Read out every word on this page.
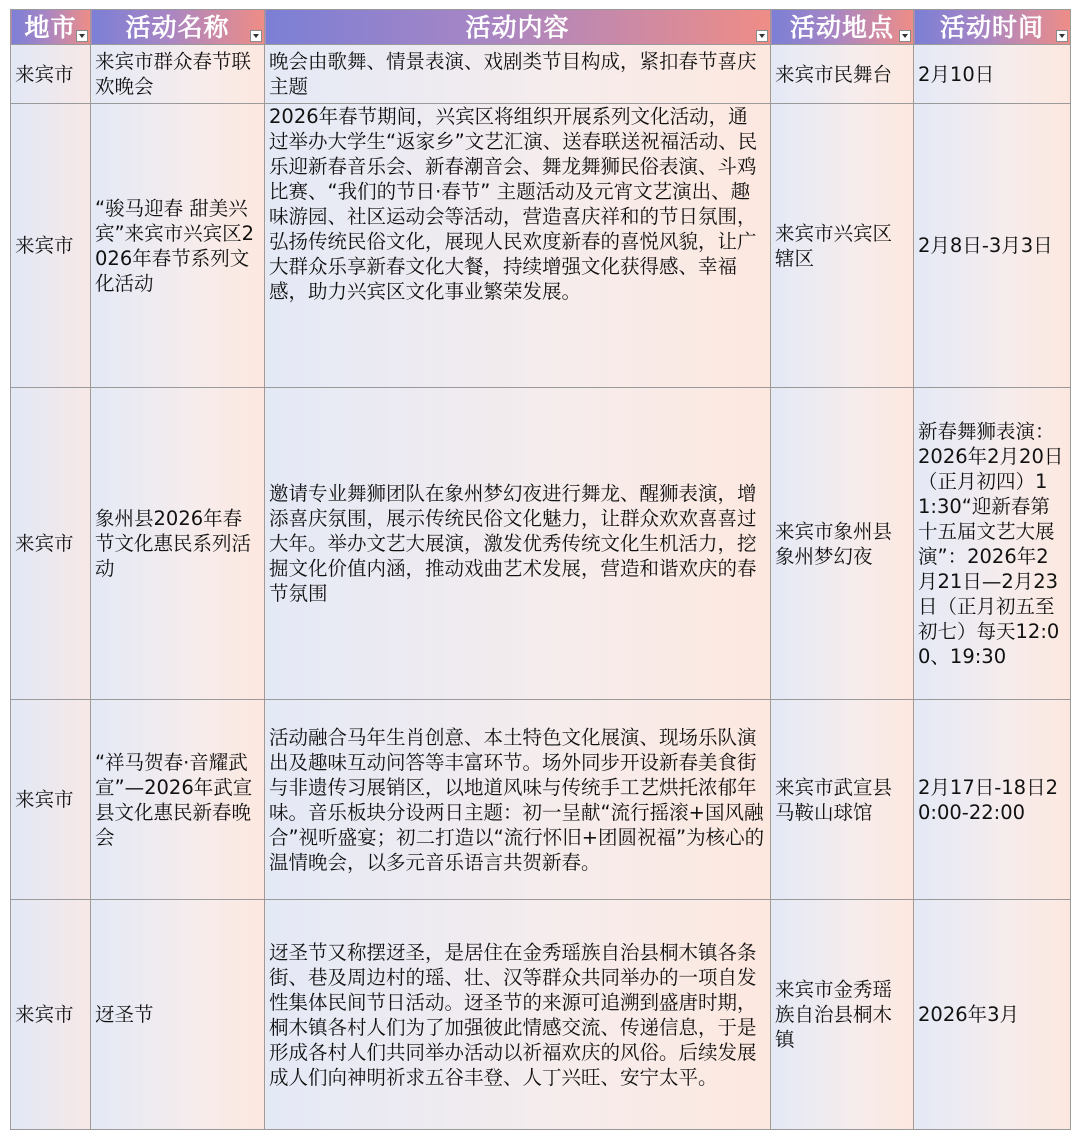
地市	活动名称	活动内容	活动地点	活动时间

来宾市	来宾市群众春节联欢晚会	晚会由歌舞、情景表演、戏剧类节目构成，紧扣春节喜庆主题	来宾市民舞台	2月10日
来宾市	“骏马迎春 甜美兴宾”来宾市兴宾区2026年春节系列文化活动	2026年春节期间，兴宾区将组织开展系列文化活动，通过举办大学生“返家乡”文艺汇演、送春联送祝福活动、民乐迎新春音乐会、新春潮音会、舞龙舞狮民俗表演、斗鸡比赛、“我们的节日·春节” 主题活动及元宵文艺演出、趣味游园、社区运动会等活动，营造喜庆祥和的节日氛围，弘扬传统民俗文化，展现人民欢度新春的喜悦风貌，让广大群众乐享新春文化大餐，持续增强文化获得感、幸福感，助力兴宾区文化事业繁荣发展。	来宾市兴宾区辖区	2月8日-3月3日
来宾市	象州县2026年春节文化惠民系列活动	邀请专业舞狮团队在象州梦幻夜进行舞龙、醒狮表演，增添喜庆氛围，展示传统民俗文化魅力，让群众欢欢喜喜过大年。举办文艺大展演，激发优秀传统文化生机活力，挖掘文化价值内涵，推动戏曲艺术发展，营造和谐欢庆的春节氛围	来宾市象州县象州梦幻夜	新春舞狮表演：2026年2月20日（正月初四）11:30“迎新春第十五届文艺大展演”：2026年2月21日—2月23日（正月初五至初七）每天12:00、19:30
来宾市	“祥马贺春·音耀武宣”—2026年武宣县文化惠民新春晚会	活动融合马年生肖创意、本土特色文化展演、现场乐队演出及趣味互动问答等丰富环节。场外同步开设新春美食街与非遗传习展销区，以地道风味与传统手工艺烘托浓郁年味。音乐板块分设两日主题：初一呈献“流行摇滚+国风融合”视听盛宴；初二打造以“流行怀旧+团圆祝福”为核心的温情晚会，以多元音乐语言共贺新春。	来宾市武宣县马鞍山球馆	2月17日-18日20:00-22:00
来宾市	迓圣节	迓圣节又称摆迓圣，是居住在金秀瑶族自治县桐木镇各条街、巷及周边村的瑶、壮、汉等群众共同举办的一项自发性集体民间节日活动。迓圣节的来源可追溯到盛唐时期，桐木镇各村人们为了加强彼此情感交流、传递信息，于是形成各村人们共同举办活动以祈福欢庆的风俗。后续发展成人们向神明祈求五谷丰登、人丁兴旺、安宁太平。	来宾市金秀瑶族自治县桐木镇	2026年3月
